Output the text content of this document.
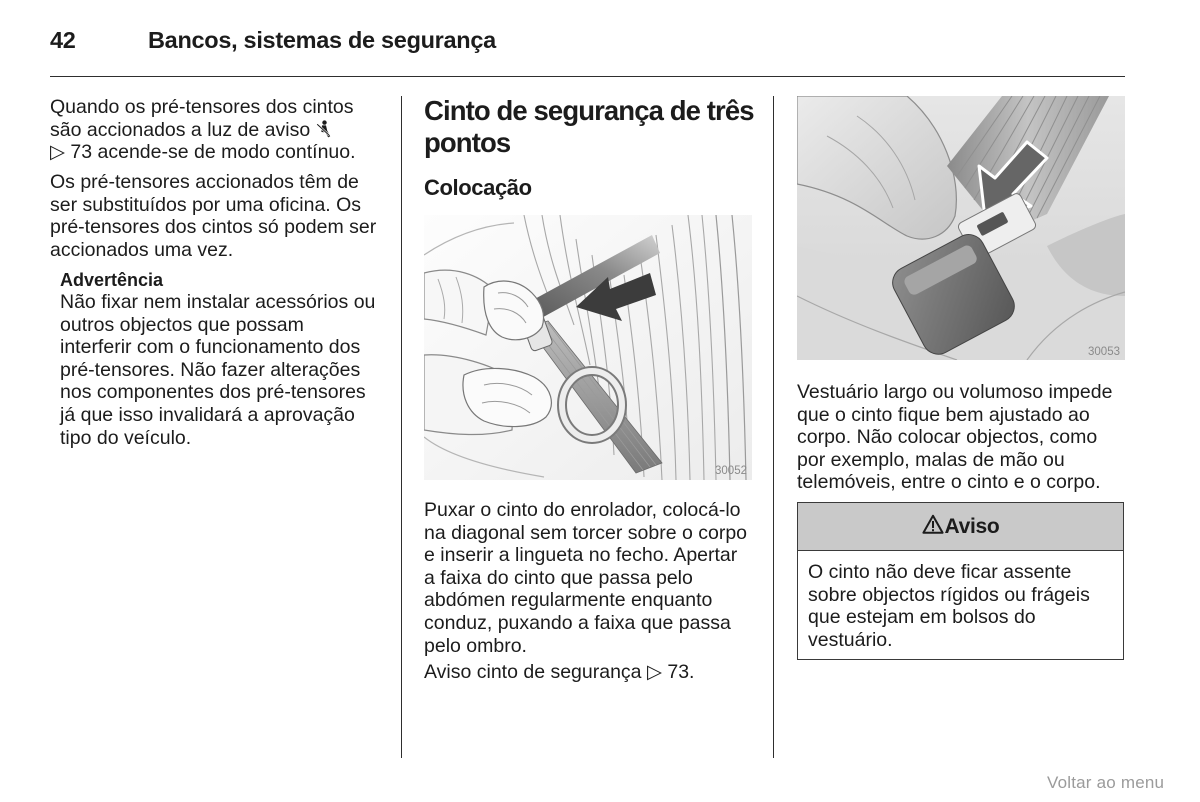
42	Bancos, sistemas de segurança
Quando os pré-tensores dos cintos
são accionados a luz de aviso
▷ 73 acende-se de modo contínuo.
Os pré-tensores accionados têm de
ser substituídos por uma oficina. Os
pré-tensores dos cintos só podem ser
accionados uma vez.
Advertência
Não fixar nem instalar acessórios ou
outros objectos que possam
interferir com o funcionamento dos
pré-tensores. Não fazer alterações
nos componentes dos pré-tensores
já que isso invalidará a aprovação
tipo do veículo.
Cinto de segurança de três
pontos
Colocação
30052
Puxar o cinto do enrolador, colocá-lo
na diagonal sem torcer sobre o corpo
e inserir a lingueta no fecho. Apertar
a faixa do cinto que passa pelo
abdómen regularmente enquanto
conduz, puxando a faixa que passa
pelo ombro.
Aviso cinto de segurança ▷ 73.
30053
Vestuário largo ou volumoso impede
que o cinto fique bem ajustado ao
corpo. Não colocar objectos, como
por exemplo, malas de mão ou
telemóveis, entre o cinto e o corpo.
Aviso
O cinto não deve ficar assente
sobre objectos rígidos ou frágeis
que estejam em bolsos do
vestuário.
Voltar ao menu
